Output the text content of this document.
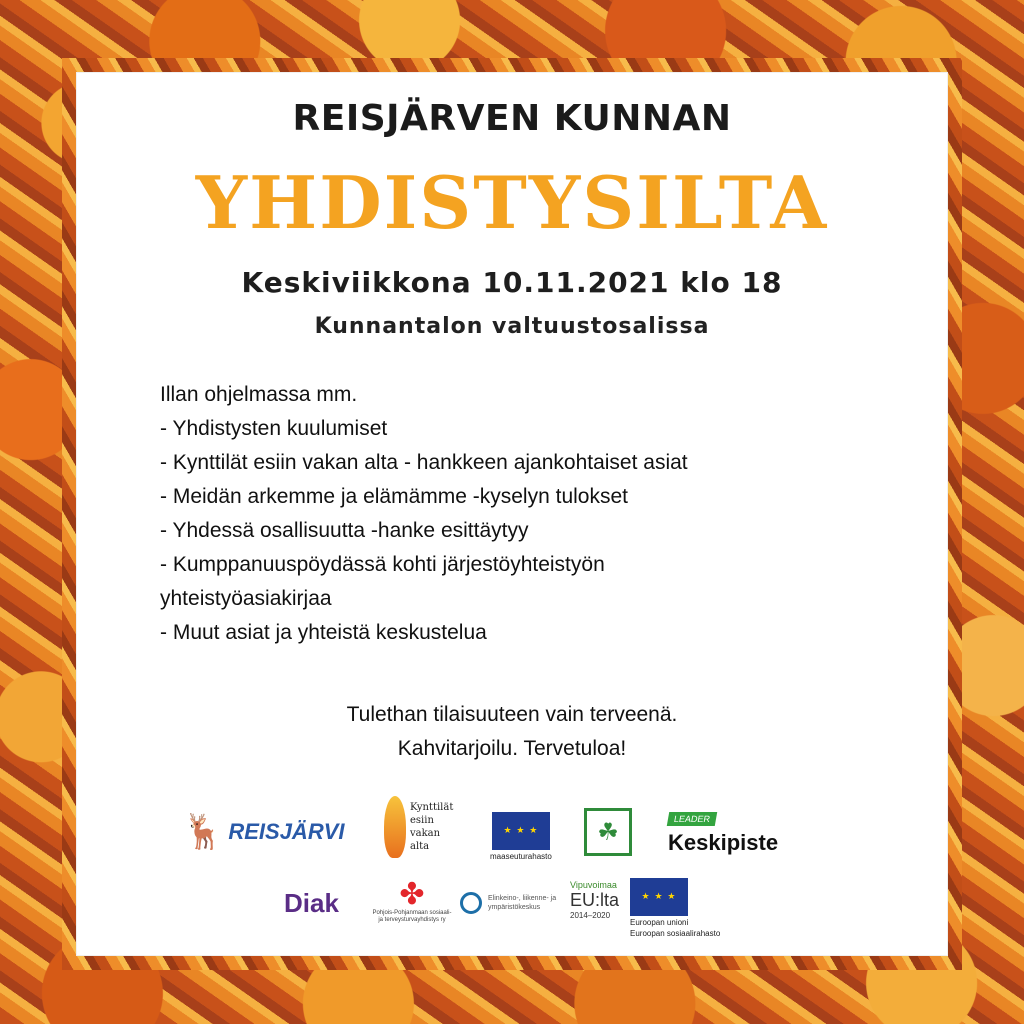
REISJÄRVEN KUNNAN
YHDISTYSILTA
Keskiviikkona 10.11.2021 klo 18
Kunnantalon valtuustosalissa
Illan ohjelmassa mm.
- Yhdistysten kuulumiset
- Kynttilät esiin vakan alta - hankkeen ajankohtaiset asiat
- Meidän arkemme ja elämämme -kyselyn tulokset
- Yhdessä osallisuutta -hanke esittäytyy
- Kumppanuuspöydässä kohti järjestöyhteistyön
yhteistyöasiakirjaa
- Muut asiat ja yhteistä keskustelua
Tulethan tilaisuuteen vain terveenä.
Kahvitarjoilu. Tervetuloa!
🦌 REISJÄRVI
Kynttilät
esiin
vakan
alta
★ ★ ★
maaseuturahasto
☘	LEADER
Keskipiste
Diak ✤
Pohjois-Pohjanmaan sosiaali- ja terveysturvayhdistys ry
Elinkeino-, liikenne- ja ympäristökeskus
Vipuvoimaa
EU:lta
2014–2020
★ ★ ★
Euroopan unioni
Euroopan sosiaalirahasto
